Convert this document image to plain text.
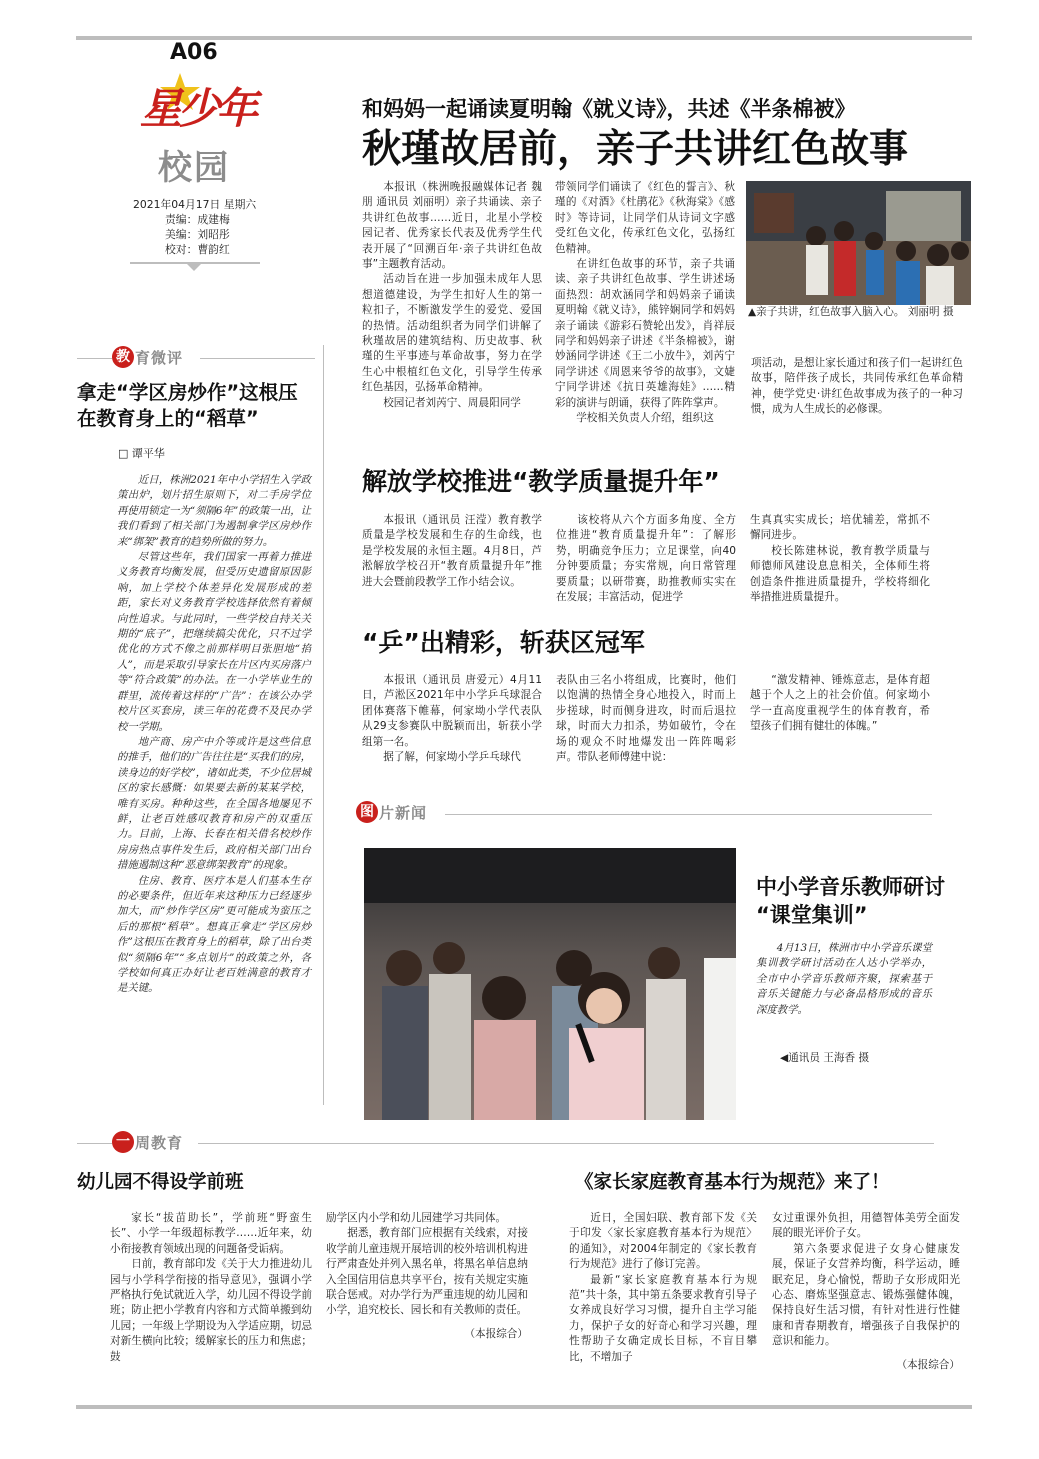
A06
星少年
校园
2021年04月17日 星期六
责编：成建梅
美编：刘昭彤
校对：曹韵红
和妈妈一起诵读夏明翰《就义诗》，共述《半条棉被》
秋瑾故居前，亲子共讲红色故事

本报讯（株洲晚报融媒体记者 魏朋 通讯员 刘丽明）亲子共诵读、亲子共讲红色故事……近日，北星小学校园记者、优秀家长代表及优秀学生代表开展了“回溯百年·亲子共讲红色故事”主题教育活动。

活动旨在进一步加强未成年人思想道德建设，为学生扣好人生的第一粒扣子，不断激发学生的爱党、爱国的热情。活动组织者为同学们讲解了秋瑾故居的建筑结构、历史故事、秋瑾的生平事迹与革命故事，努力在学生心中根植红色文化，引导学生传承红色基因，弘扬革命精神。

校园记者刘芮宁、周晨阳同学

带领同学们诵读了《红色的誓言》、秋瑾的《对酒》《杜鹃花》《秋海棠》《感时》等诗词，让同学们从诗词文字感受红色文化，传承红色文化，弘扬红色精神。

在讲红色故事的环节，亲子共诵读、亲子共讲红色故事、学生讲述场面热烈：胡欢涵同学和妈妈亲子诵读夏明翰《就义诗》，熊锌娴同学和妈妈亲子诵读《游彩石赞轮出发》，肖祥辰同学和妈妈亲子讲述《半条棉被》，谢妙涵同学讲述《王二小放牛》，刘芮宁同学讲述《周恩来爷爷的故事》，文婕宁同学讲述《抗日英雄海娃》……精彩的演讲与朗诵，获得了阵阵掌声。

学校相关负责人介绍，组织这

▲亲子共讲，红色故事入脑入心。 刘丽明 摄

项活动，是想让家长通过和孩子们一起讲红色故事，陪伴孩子成长，共同传承红色革命精神，使学党史·讲红色故事成为孩子的一种习惯，成为人生成长的必修课。

教 育微评
拿走“学区房炒作”这根压
在教育身上的“稻草”
□ 谭平华

近日，株洲2021年中小学招生入学政策出炉，划片招生原则下，对二手房学位再使用锁定一为“须隔6年”的政策一出，让我们看到了相关部门为遏制拿学区房炒作来“绑架”教育的趋势所做的努力。

尽管这些年，我们国家一再着力推进义务教育均衡发展，但受历史遗留原因影响，加上学校个体差异化发展形成的差距，家长对义务教育学校选择依然有着倾向性追求。与此同时，一些学校自持关关期的“底子”，把继续搞尖优化，只不过学优化的方式不像之前那样明目张胆地“掐人”，而是采取引导家长在片区内买房落户等“符合政策”的办法。在一小学毕业生的群里，流传着这样的“广告”：在该公办学校片区买套房，读三年的花费不及民办学校一学期。

地产商、房产中介等或许是这些信息的推手，他们的广告往往是“买我们的房，读身边的好学校”，诸如此类，不少位居城区的家长感慨：如果要去新的某某学校，唯有买房。种种这些，在全国各地屡见不鲜，让老百姓感叹教育和房产的双重压力。目前，上海、长春在相关借名校炒作房房热点事件发生后，政府相关部门出台措施遏制这种“恶意绑架教育”的现象。

住房、教育、医疗本是人们基本生存的必要条件，但近年来这种压力已经逐步加大，而“炒作学区房”更可能成为蛮压之后的那根“稻草”。想真正拿走“学区房炒作”这根压在教育身上的稻草，除了出台类似“须隔6年”“多点划片”的政策之外，各学校如何真正办好让老百姓满意的教育才是关键。

解放学校推进“教学质量提升年”

本报讯（通讯员 汪滢）教育教学质量是学校发展和生存的生命线，也是学校发展的永恒主题。4月8日，芦淞解放学校召开“教育质量提升年”推进大会暨前段教学工作小结会议。

该校将从六个方面多角度、全方位推进“教育质量提升年”：了解形势，明确竞争压力；立足课堂，向40分钟要质量；夯实常规，向日常管理要质量；以研带赛，助推教师实实在在发展；丰富活动，促进学

生真真实实成长；培优辅差，常抓不懈同进步。

校长陈建林说，教育教学质量与师德师风建设息息相关，全体师生将创造条件推进质量提升，学校将细化举措推进质量提升。

“乒”出精彩，斩获区冠军

本报讯（通讯员 唐爱元）4月11日，芦淞区2021年中小学乒乓球混合团体赛落下帷幕，何家坳小学代表队从29支参赛队中脱颖而出，斩获小学组第一名。

据了解，何家坳小学乒乓球代

表队由三名小将组成，比赛时，他们以饱满的热情全身心地投入，时而上步搓球，时而侧身进攻，时而后退拉球，时而大力扣杀，势如破竹，令在场的观众不时地爆发出一阵阵喝彩声。带队老师傅建中说：

“激发精神、锤炼意志，是体育超越于个人之上的社会价值。何家坳小学一直高度重视学生的体育教育，希望孩子们拥有健壮的体魄。”

图 片新闻
中小学音乐教师研讨
“课堂集训”

4月13日，株洲市中小学音乐课堂集训教学研讨活动在人达小学举办，全市中小学音乐教师齐聚，探索基于音乐关键能力与必备品格形成的音乐深度教学。

◀通讯员 王海香 摄
一 周教育
幼儿园不得设学前班

家长“拔苗助长”，学前班“野蛮生长”、小学一年级超标教学……近年来，幼小衔接教育领域出现的问题备受诟病。

日前，教育部印发《关于大力推进幼儿园与小学科学衔接的指导意见》，强调小学严格执行免试就近入学，幼儿园不得设学前班；防止把小学教育内容和方式简单搬到幼儿园；一年级上学期设为入学适应期，切忌对新生横向比较；缓解家长的压力和焦虑；鼓

励学区内小学和幼儿园建学习共同体。

据悉，教育部门应根据有关线索，对接收学前儿童违规开展培训的校外培训机构进行严肃查处并列入黑名单，将黑名单信息纳入全国信用信息共享平台，按有关规定实施联合惩戒。对办学行为严重违规的幼儿园和小学，追究校长、园长和有关教师的责任。

（本报综合）
《家长家庭教育基本行为规范》来了！

近日，全国妇联、教育部下发《关于印发〈家长家庭教育基本行为规范〉的通知》，对2004年制定的《家长教育行为规范》进行了修订完善。

最新“家长家庭教育基本行为规范”共十条，其中第五条要求教育引导子女养成良好学习习惯，提升自主学习能力，保护子女的好奇心和学习兴趣，理性帮助子女确定成长目标，不盲目攀比，不增加子

女过重课外负担，用德智体美劳全面发展的眼光评价子女。

第六条要求促进子女身心健康发展，保证子女营养均衡，科学运动，睡眠充足，身心愉悦，帮助子女形成阳光心态、磨炼坚强意志、锻炼强健体魄，保持良好生活习惯，有针对性进行性健康和青春期教育，增强孩子自我保护的意识和能力。

（本报综合）
